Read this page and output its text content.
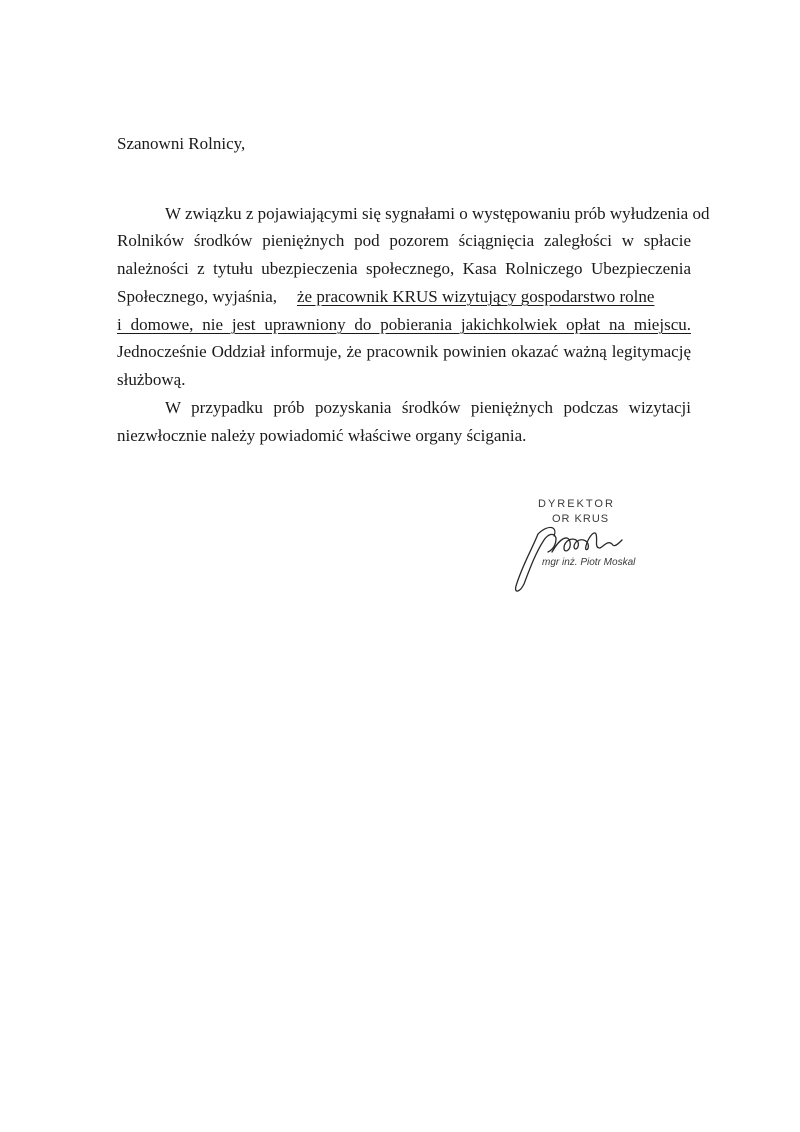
Szanowni Rolnicy,
W związku z pojawiającymi się sygnałami o występowaniu prób wyłudzenia od
Rolników środków pieniężnych pod pozorem ściągnięcia zaległości w spłacie
należności z tytułu ubezpieczenia społecznego, Kasa Rolniczego Ubezpieczenia
Społecznego, wyjaśnia, że pracownik KRUS wizytujący gospodarstwo rolne
i domowe, nie jest uprawniony do pobierania jakichkolwiek opłat na miejscu.
Jednocześnie Oddział informuje, że pracownik powinien okazać ważną legitymację
służbową.
W przypadku prób pozyskania środków pieniężnych podczas wizytacji
niezwłocznie należy powiadomić właściwe organy ścigania.
DYREKTOR
OR KRUS
mgr inż. Piotr Moskal
